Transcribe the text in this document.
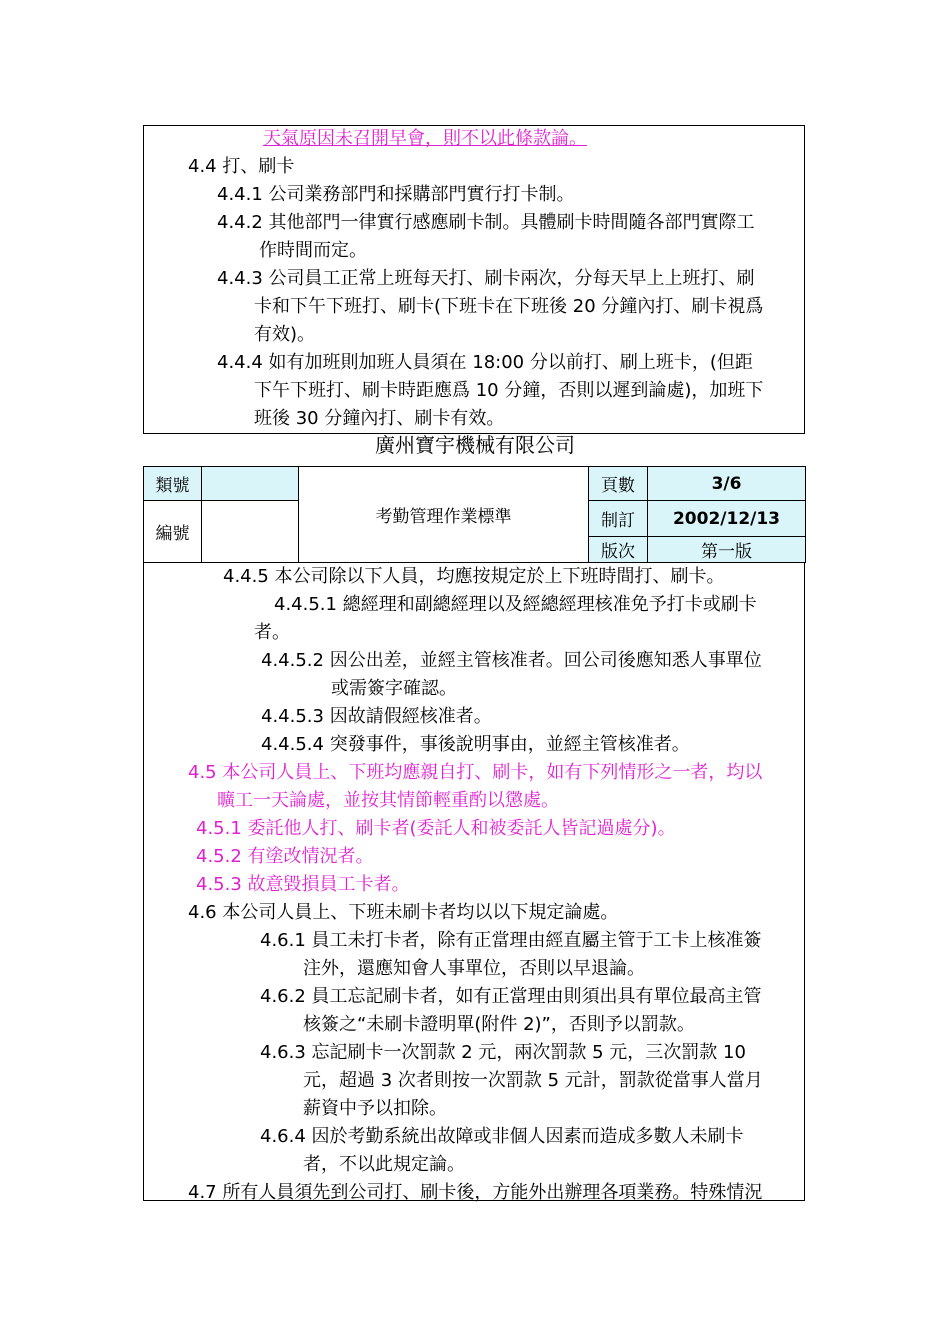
天氣原因未召開早會，則不以此條款論。
4.4 打、刷卡
4.4.1 公司業務部門和採購部門實行打卡制。
4.4.2 其他部門一律實行感應刷卡制。具體刷卡時間隨各部門實際工
作時間而定。
4.4.3 公司員工正常上班每天打、刷卡兩次，分每天早上上班打、刷
卡和下午下班打、刷卡(下班卡在下班後 20 分鐘內打、刷卡視爲
有效)。
4.4.4 如有加班則加班人員須在 18:00 分以前打、刷上班卡，(但距
下午下班打、刷卡時距應爲 10 分鐘，否則以遲到論處)，加班下
班後 30 分鐘內打、刷卡有效。
廣州寶宇機械有限公司
類號		考勤管理作業標準	頁數	3/6
編號			制訂	2002/12/13
			版次	第一版
4.4.5 本公司除以下人員，均應按規定於上下班時間打、刷卡。
4.4.5.1 總經理和副總經理以及經總經理核准免予打卡或刷卡
者。
4.4.5.2 因公出差，並經主管核准者。回公司後應知悉人事單位
或需簽字確認。
4.4.5.3 因故請假經核准者。
4.4.5.4 突發事件，事後說明事由，並經主管核准者。
4.5 本公司人員上、下班均應親自打、刷卡，如有下列情形之一者，均以
曠工一天論處，並按其情節輕重酌以懲處。
4.5.1 委託他人打、刷卡者(委託人和被委託人皆記過處分)。
4.5.2 有塗改情況者。
4.5.3 故意毀損員工卡者。
4.6 本公司人員上、下班未刷卡者均以以下規定論處。
4.6.1 員工未打卡者，除有正當理由經直屬主管于工卡上核准簽
注外，還應知會人事單位，否則以早退論。
4.6.2 員工忘記刷卡者，如有正當理由則須出具有單位最高主管
核簽之“未刷卡證明單(附件 2)”，否則予以罰款。
4.6.3 忘記刷卡一次罰款 2 元，兩次罰款 5 元，三次罰款 10
元，超過 3 次者則按一次罰款 5 元計，罰款從當事人當月
薪資中予以扣除。
4.6.4 因於考勤系統出故障或非個人因素而造成多數人未刷卡
者，不以此規定論。
4.7 所有人員須先到公司打、刷卡後，方能外出辦理各項業務。特殊情況
